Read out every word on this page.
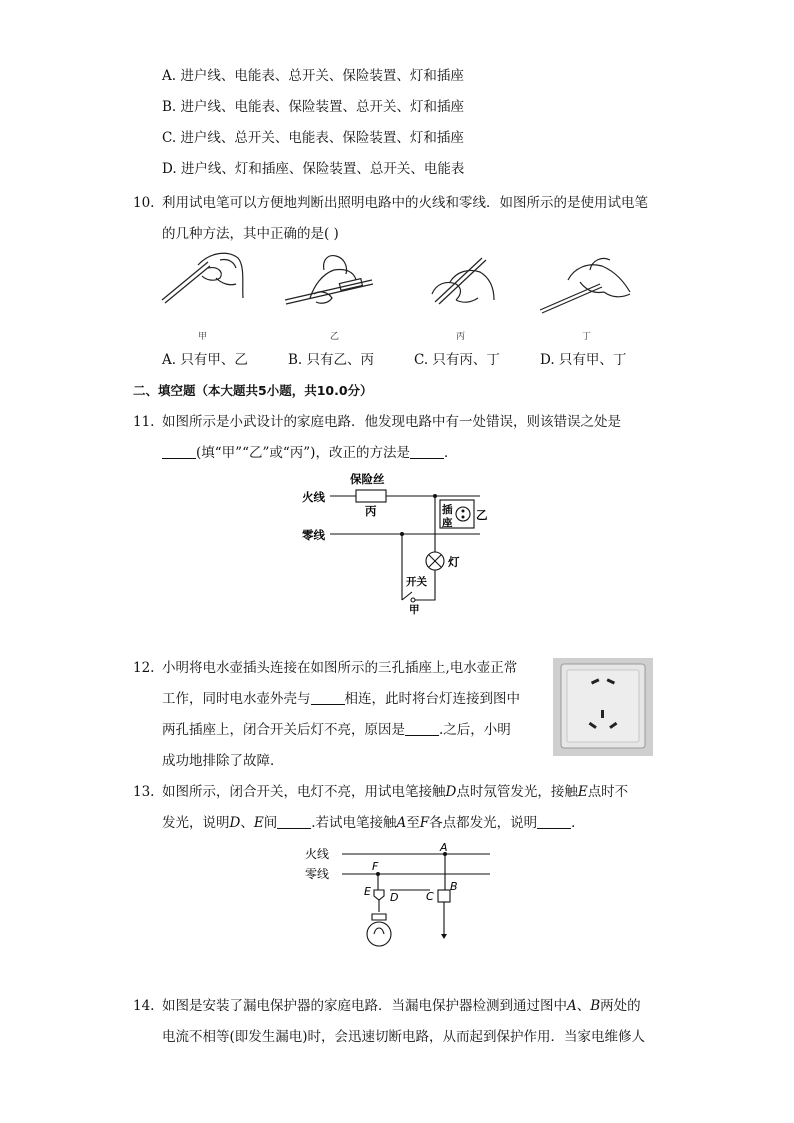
A. 进户线、电能表、总开关、保险装置、灯和插座
B. 进户线、电能表、保险装置、总开关、灯和插座
C. 进户线、总开关、电能表、保险装置、灯和插座
D. 进户线、灯和插座、保险装置、总开关、电能表
10. 利用试电笔可以方便地判断出照明电路中的火线和零线．如图所示的是使用试电笔
的几种方法，其中正确的是( )
甲	乙	丙	丁
A. 只有甲、乙	B. 只有乙、丙	C. 只有丙、丁	D. 只有甲、丁
二、填空题（本大题共5小题，共10.0分）
11. 如图所示是小武设计的家庭电路．他发现电路中有一处错误，则该错误之处是
(填“甲”“乙”或“丙”)，改正的方法是	．
火线
零线
保险丝
丙	插
座
乙
灯
开关
甲
12. 小明将电水壶插头连接在如图所示的三孔插座上,电水壶正常
工作，同时电水壶外壳与	相连，此时将台灯连接到图中
两孔插座上，闭合开关后灯不亮，原因是	.之后，小明
成功地排除了故障．
13. 如图所示，闭合开关，电灯不亮，用试电笔接触D点时氖管发光，接触E点时不
发光，说明D、E间	.若试电笔接触A至F各点都发光，说明	．
火线
零线
A
B
C
D
E
F
14. 如图是安装了漏电保护器的家庭电路．当漏电保护器检测到通过图中A、B两处的
电流不相等(即发生漏电)时，会迅速切断电路，从而起到保护作用．当家电维修人
